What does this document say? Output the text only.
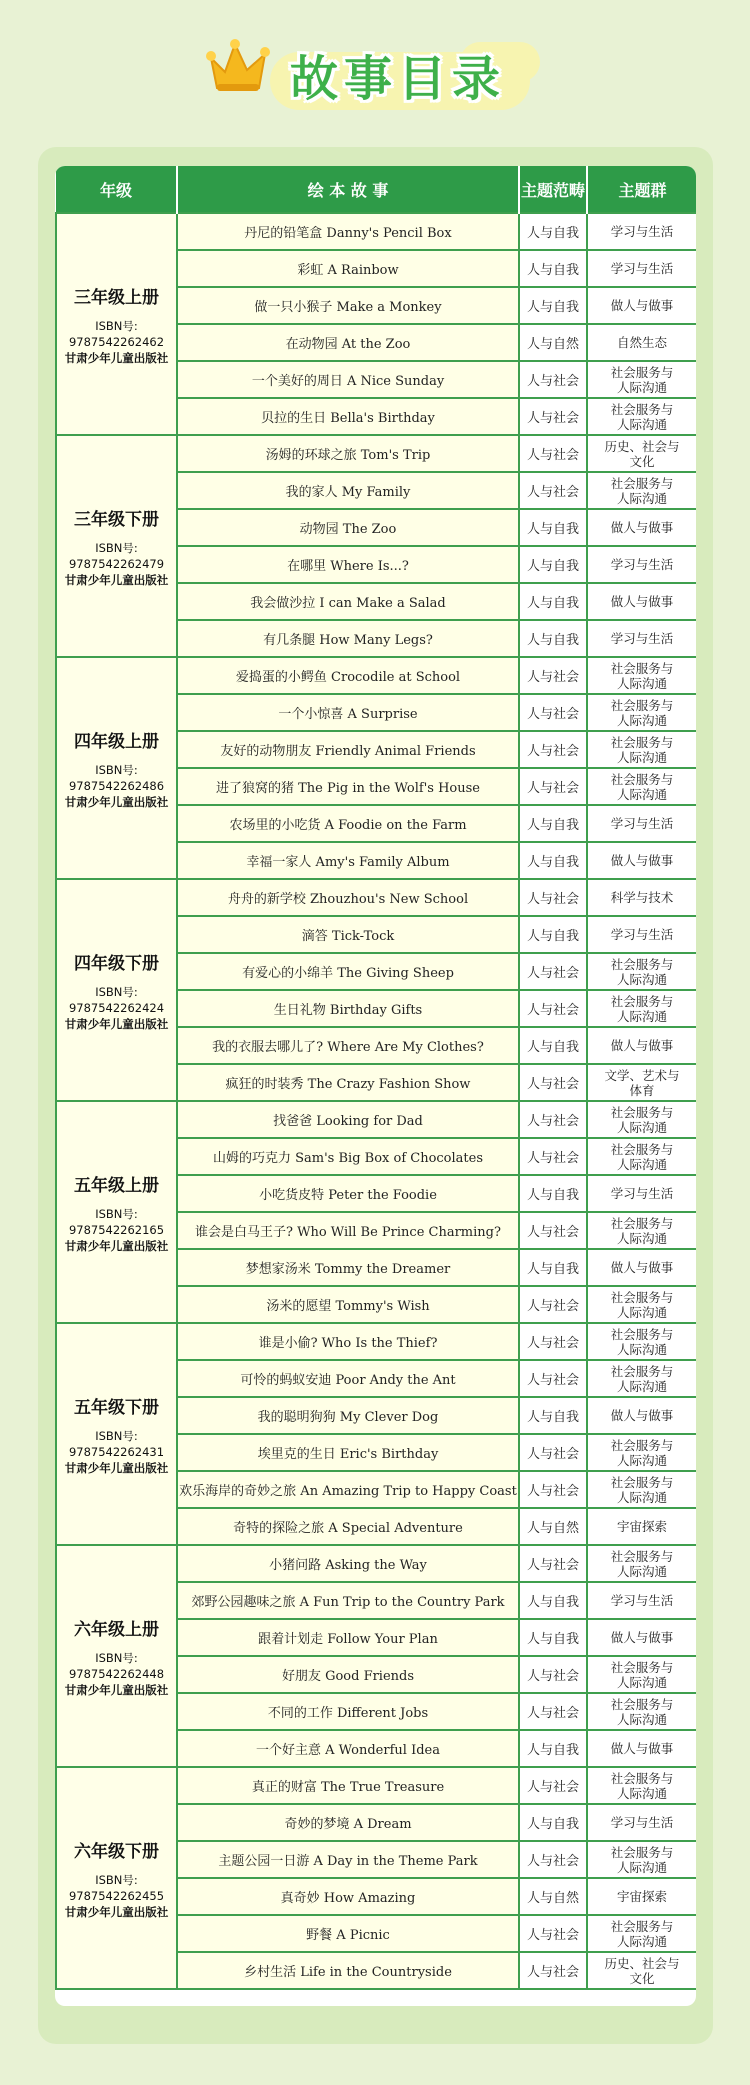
故事目录
年级	绘 本 故 事	主题范畴	主题群

三年级上册
ISBN号:
9787542262462
甘肃少年儿童出版社	丹尼的铅笔盒 Danny's Pencil Box	人与自我	学习与生活
	彩虹 A Rainbow	人与自我	学习与生活
	做一只小猴子 Make a Monkey	人与自我	做人与做事
	在动物园 At the Zoo	人与自然	自然生态
	一个美好的周日 A Nice Sunday	人与社会	社会服务与
人际沟通
	贝拉的生日 Bella's Birthday	人与社会	社会服务与
人际沟通

三年级下册
ISBN号:
9787542262479
甘肃少年儿童出版社	汤姆的环球之旅 Tom's Trip	人与社会	历史、社会与
文化
	我的家人 My Family	人与社会	社会服务与
人际沟通
	动物园 The Zoo	人与自我	做人与做事
	在哪里 Where Is...?	人与自我	学习与生活
	我会做沙拉 I can Make a Salad	人与自我	做人与做事
	有几条腿 How Many Legs?	人与自我	学习与生活

四年级上册
ISBN号:
9787542262486
甘肃少年儿童出版社	爱捣蛋的小鳄鱼 Crocodile at School	人与社会	社会服务与
人际沟通
	一个小惊喜 A Surprise	人与社会	社会服务与
人际沟通
	友好的动物朋友 Friendly Animal Friends	人与社会	社会服务与
人际沟通
	进了狼窝的猪 The Pig in the Wolf's House	人与社会	社会服务与
人际沟通
	农场里的小吃货 A Foodie on the Farm	人与自我	学习与生活
	幸福一家人 Amy's Family Album	人与自我	做人与做事

四年级下册
ISBN号:
9787542262424
甘肃少年儿童出版社	舟舟的新学校 Zhouzhou's New School	人与社会	科学与技术
	滴答 Tick-Tock	人与自我	学习与生活
	有爱心的小绵羊 The Giving Sheep	人与社会	社会服务与
人际沟通
	生日礼物 Birthday Gifts	人与社会	社会服务与
人际沟通
	我的衣服去哪儿了? Where Are My Clothes?	人与自我	做人与做事
	疯狂的时装秀 The Crazy Fashion Show	人与社会	文学、艺术与
体育

五年级上册
ISBN号:
9787542262165
甘肃少年儿童出版社	找爸爸 Looking for Dad	人与社会	社会服务与
人际沟通
	山姆的巧克力 Sam's Big Box of Chocolates	人与社会	社会服务与
人际沟通
	小吃货皮特 Peter the Foodie	人与自我	学习与生活
	谁会是白马王子? Who Will Be Prince Charming?	人与社会	社会服务与
人际沟通
	梦想家汤米 Tommy the Dreamer	人与自我	做人与做事
	汤米的愿望 Tommy's Wish	人与社会	社会服务与
人际沟通

五年级下册
ISBN号:
9787542262431
甘肃少年儿童出版社	谁是小偷? Who Is the Thief?	人与社会	社会服务与
人际沟通
	可怜的蚂蚁安迪 Poor Andy the Ant	人与社会	社会服务与
人际沟通
	我的聪明狗狗 My Clever Dog	人与自我	做人与做事
	埃里克的生日 Eric's Birthday	人与社会	社会服务与
人际沟通
	欢乐海岸的奇妙之旅 An Amazing Trip to Happy Coast	人与社会	社会服务与
人际沟通
	奇特的探险之旅 A Special Adventure	人与自然	宇宙探索

六年级上册
ISBN号:
9787542262448
甘肃少年儿童出版社	小猪问路 Asking the Way	人与社会	社会服务与
人际沟通
	郊野公园趣味之旅 A Fun Trip to the Country Park	人与自我	学习与生活
	跟着计划走 Follow Your Plan	人与自我	做人与做事
	好朋友 Good Friends	人与社会	社会服务与
人际沟通
	不同的工作 Different Jobs	人与社会	社会服务与
人际沟通
	一个好主意 A Wonderful Idea	人与自我	做人与做事

六年级下册
ISBN号:
9787542262455
甘肃少年儿童出版社	真正的财富 The True Treasure	人与社会	社会服务与
人际沟通
	奇妙的梦境 A Dream	人与自我	学习与生活
	主题公园一日游 A Day in the Theme Park	人与社会	社会服务与
人际沟通
	真奇妙 How Amazing	人与自然	宇宙探索
	野餐 A Picnic	人与社会	社会服务与
人际沟通
	乡村生活 Life in the Countryside	人与社会	历史、社会与
文化
